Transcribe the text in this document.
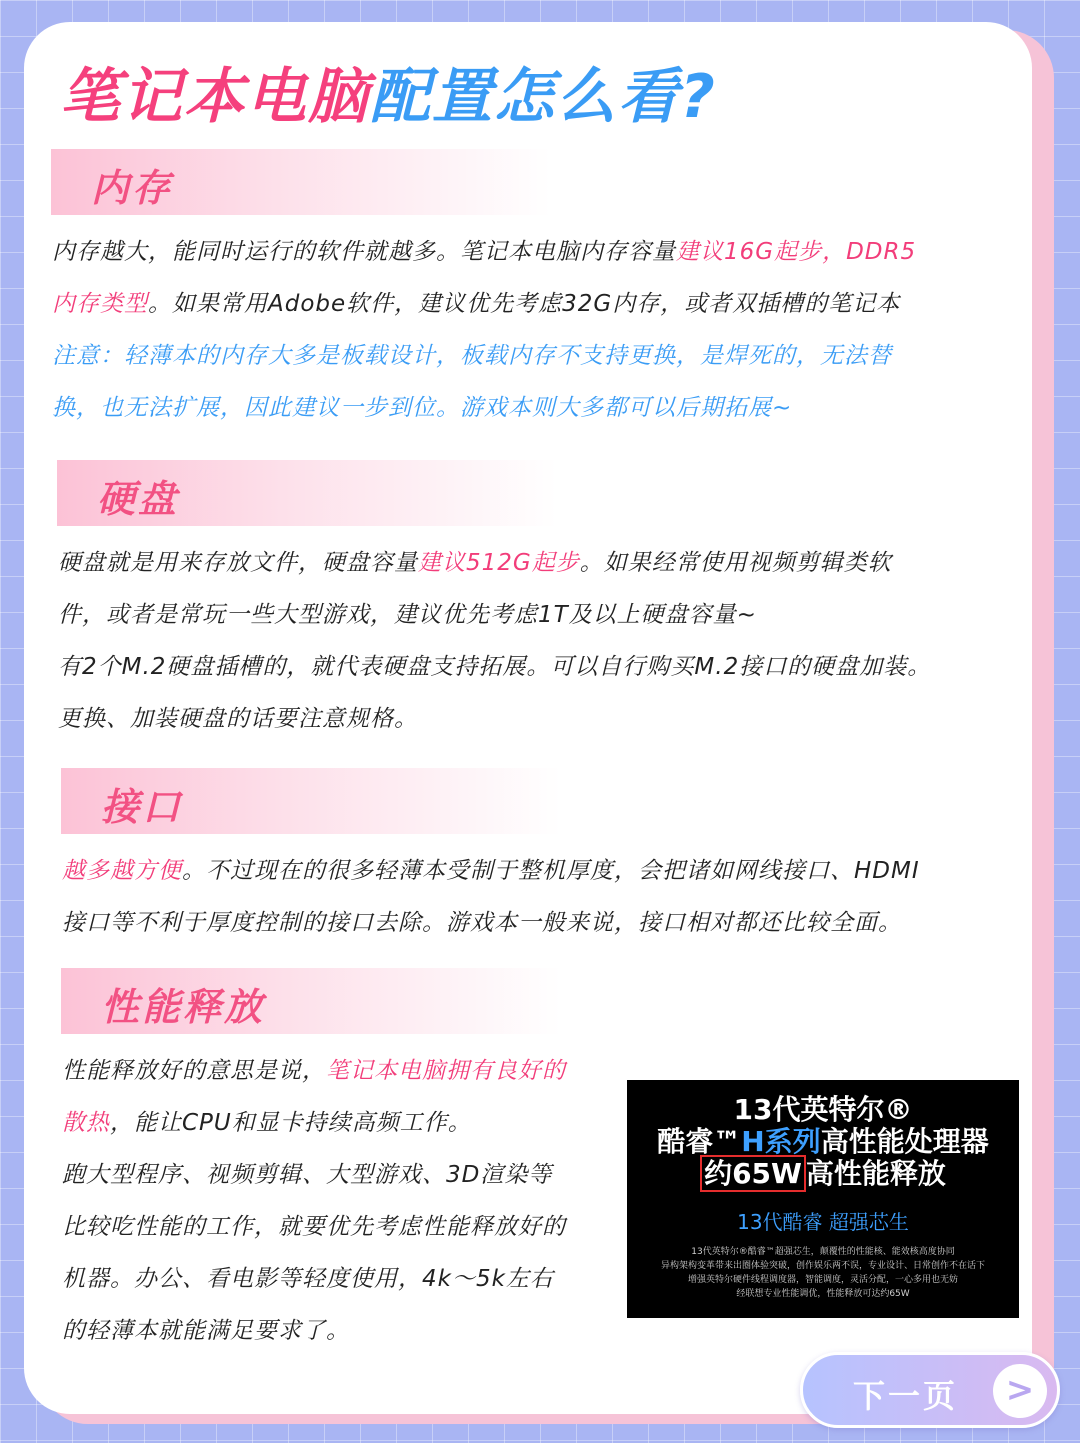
笔记本电脑配置怎么看?
内存
内存越大，能同时运行的软件就越多。笔记本电脑内存容量建议16G起步，DDR5
内存类型。如果常用Adobe软件，建议优先考虑32G内存，或者双插槽的笔记本
注意：轻薄本的内存大多是板载设计，板载内存不支持更换，是焊死的，无法替
换，也无法扩展，因此建议一步到位。游戏本则大多都可以后期拓展~
硬盘
硬盘就是用来存放文件，硬盘容量建议512G起步。如果经常使用视频剪辑类软
件，或者是常玩一些大型游戏，建议优先考虑1T及以上硬盘容量~
有2个M.2硬盘插槽的，就代表硬盘支持拓展。可以自行购买M.2接口的硬盘加装。
更换、加装硬盘的话要注意规格。
接口
越多越方便。不过现在的很多轻薄本受制于整机厚度，会把诸如网线接口、HDMI
接口等不利于厚度控制的接口去除。游戏本一般来说，接口相对都还比较全面。
性能释放
性能释放好的意思是说，笔记本电脑拥有良好的
散热，能让CPU和显卡持续高频工作。
跑大型程序、视频剪辑、大型游戏、3D渲染等
比较吃性能的工作，就要优先考虑性能释放好的
机器。办公、看电影等轻度使用，4k～5k左右
的轻薄本就能满足要求了。
13代英特尔®
酷睿™H系列高性能处理器
约65W 高性能释放
13代酷睿 超强芯生
13代英特尔®酷睿™超强芯生，颠覆性的性能核、能效核高度协同
异构架构变革带来出圈体验突破，创作娱乐两不误，专业设计、日常创作不在话下
增强英特尔硬件线程调度器，智能调度，灵活分配，一心多用也无妨
经联想专业性能调优，性能释放可达约65W
下一页	>
